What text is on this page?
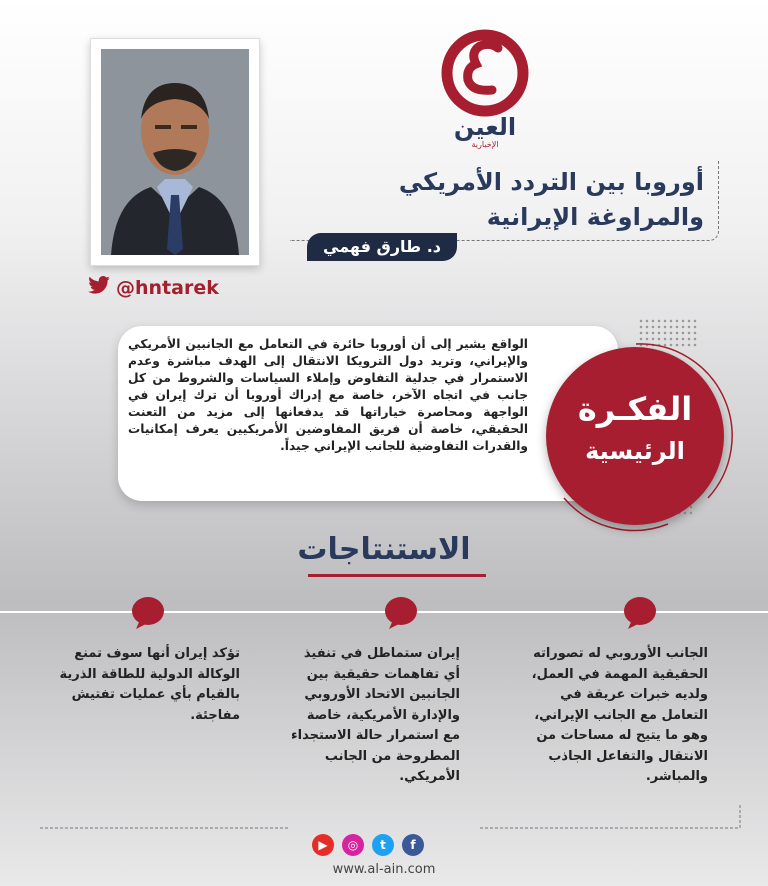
العين
الإخبارية
@hntarek
أوروبا بين التردد الأمريكي والمراوغة الإيرانية
د. طارق فهمي
الفكـرة
الرئيسية

الواقع يشير إلى أن أوروبا حائرة في التعامل مع الجانبين الأمريكي والإيراني، وتريد دول الترويكا الانتقال إلى الهدف مباشرة وعدم الاستمرار في جدلية التفاوض وإملاء السياسات والشروط من كل جانب في اتجاه الآخر، خاصة مع إدراك أوروبا أن ترك إيران في الواجهة ومحاصرة خياراتها قد يدفعانها إلى مزيد من التعنت الحقيقي، خاصة أن فريق المفاوضين الأمريكيين يعرف إمكانيات والقدرات التفاوضية للجانب الإيراني جيداً.

الاستنتاجات

الجانب الأوروبي له تصوراته الحقيقية المهمة في العمل، ولديه خبرات عريقة في التعامل مع الجانب الإيراني، وهو ما يتيح له مساحات من الانتقال والتفاعل الجاذب والمباشر.

إيران ستماطل في تنفيذ أي تفاهمات حقيقية بين الجانبين الاتحاد الأوروبي والإدارة الأمريكية، خاصة مع استمرار حالة الاستجداء المطروحة من الجانب الأمريكي.

تؤكد إيران أنها سوف تمنع الوكالة الدولية للطاقة الذرية بالقيام بأي عمليات تفتيش مفاجئة.

▶	◎	t	f
www.al-ain.com
